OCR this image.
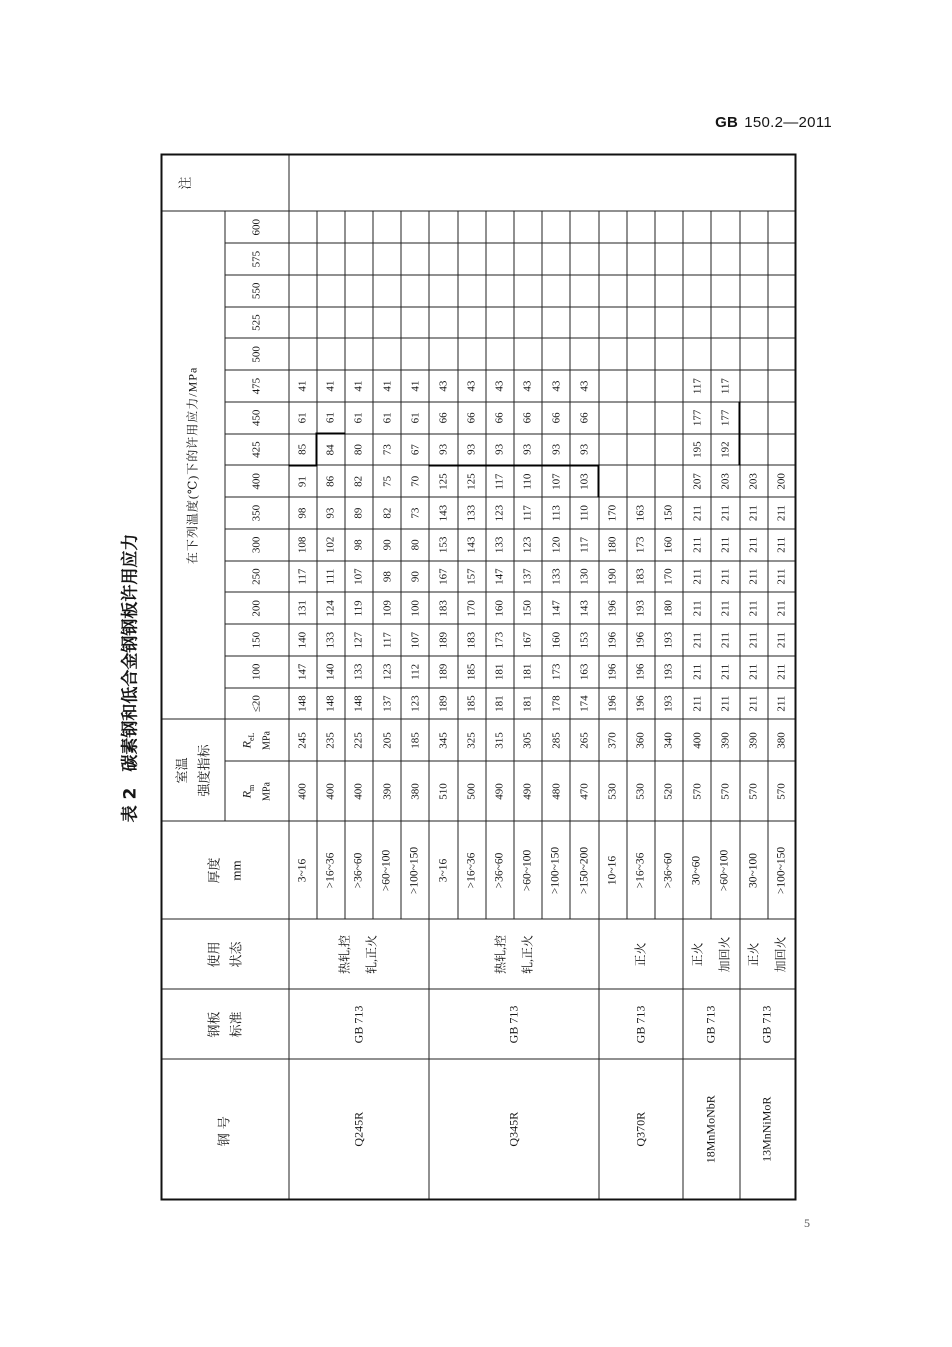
GB 150.2—2011
表 2碳素钢和低合金钢钢板许用应力
钢号	钢板 标准	使用 状态	厚度 mm	室温 强度指标		在下列温度(℃)下的许用应力/MPa																注

				$R_m$ MPa	$R_{eL}$ MPa	≤20	100	150	200	250	300	350	400	425	450	475	500	525	550	575	600	
Q245R	GB 713	热轧,控 轧,正火	3~16	400	245	148	147	140	131	117	108	98	91	85	61	41						
			>16~36	400	235	148	140	133	124	111	102	93	86	84	61	41						
			>36~60	400	225	148	133	127	119	107	98	89	82	80	61	41						
			>60~100	390	205	137	123	117	109	98	90	82	75	73	61	41						
			>100~150	380	185	123	112	107	100	90	80	73	70	67	61	41						
Q345R	GB 713	热轧,控 轧,正火	3~16	510	345	189	189	189	183	167	153	143	125	93	66	43						
			>16~36	500	325	185	185	183	170	157	143	133	125	93	66	43						
			>36~60	490	315	181	181	173	160	147	133	123	117	93	66	43						
			>60~100	490	305	181	181	167	150	137	123	117	110	93	66	43						
			>100~150	480	285	178	173	160	147	133	120	113	107	93	66	43						
			>150~200	470	265	174	163	153	143	130	117	110	103	93	66	43						
Q370R	GB 713	正火	10~16	530	370	196	196	196	196	190	180	170										
			>16~36	530	360	196	196	196	193	183	173	163										
			>36~60	520	340	193	193	193	180	170	160	150										
18MnMoNbR	GB 713	正火 加回火	30~60	570	400	211	211	211	211	211	211	211	207	195	177	117						
			>60~100	570	390	211	211	211	211	211	211	211	203	192	177	117						
13MnNiMoR	GB 713	正火 加回火	30~100	570	390	211	211	211	211	211	211	211	203									
			>100~150	570	380	211	211	211	211	211	211	211	200									
5
